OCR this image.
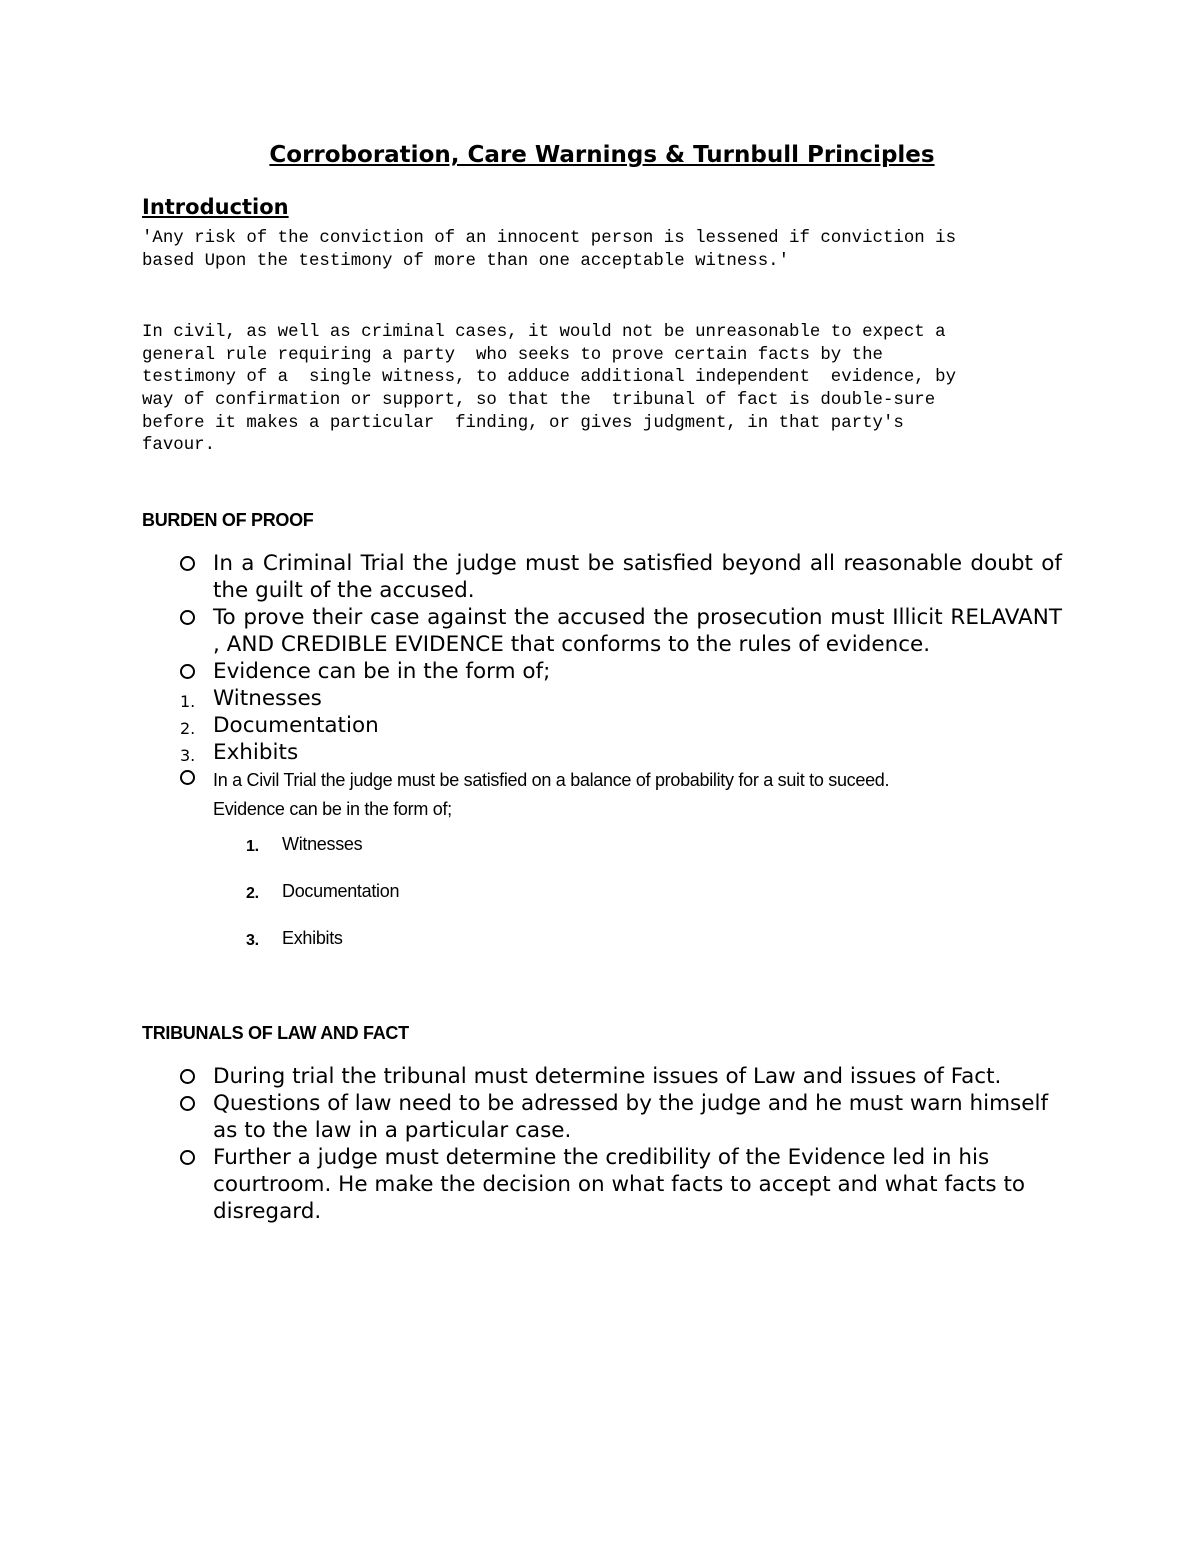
Corroboration, Care Warnings & Turnbull Principles
Introduction
'Any risk of the conviction of an innocent person is lessened if conviction is
based Upon the testimony of more than one acceptable witness.'
In civil, as well as criminal cases, it would not be unreasonable to expect a
general rule requiring a party  who seeks to prove certain facts by the
testimony of a  single witness, to adduce additional independent  evidence, by
way of confirmation or support, so that the  tribunal of fact is double-sure
before it makes a particular  finding, or gives judgment, in that party's
favour.
BURDEN OF PROOF
In a Criminal Trial the judge must be satisfied beyond all reasonable doubt of the guilt of the accused.
To prove their case against the accused the prosecution must Illicit RELAVANT , AND CREDIBLE EVIDENCE that conforms to the rules of evidence.
Evidence can be in the form of;
1. Witnesses
2. Documentation
3. Exhibits
In a Civil Trial the judge must be satisfied on a balance of probability for a suit to suceed.
Evidence can be in the form of;
1. Witnesses
2. Documentation
3. Exhibits
TRIBUNALS OF LAW AND FACT
During trial the tribunal must determine issues of Law and issues of Fact.
Questions of law need to be adressed by the judge and he must warn himself as to the law in a particular case.
Further a judge must determine the credibility of the Evidence led in his courtroom. He make the decision on what facts to accept and what facts to disregard.
